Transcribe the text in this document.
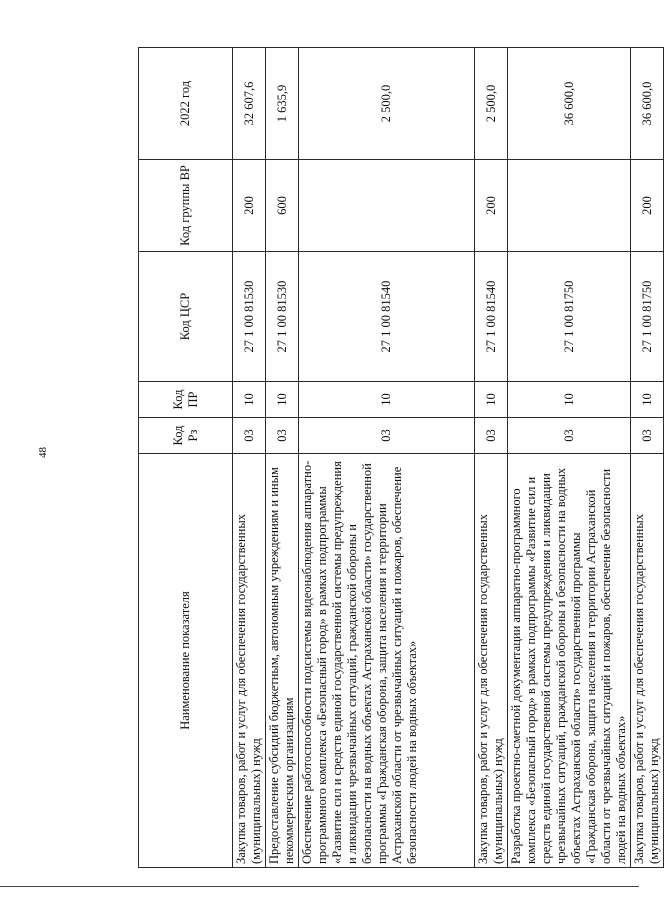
48
Наименование показателя	Код Рз	Код ПР	Код ЦСР	Код группы ВР	2022 год
Закупка товаров, работ и услуг для обеспечения государственных (муниципальных) нужд	03	10	27 1 00 81530	200	32 607,6
Предоставление субсидий бюджетным, автономным учреждениям и иным некоммерческим организациям	03	10	27 1 00 81530	600	1 635,9
Обеспечение работоспособности подсистемы видеонаблюдения аппаратно-программного комплекса «Безопасный город» в рамках подпрограммы «Развитие сил и средств единой государственной системы предупреждения и ликвидации чрезвычайных ситуаций, гражданской обороны и безопасности на водных объектах Астраханской области» государственной программы «Гражданская оборона, защита населения и территории Астраханской области от чрезвычайных ситуаций и пожаров, обеспечение безопасности людей на водных объектах»	03	10	27 1 00 81540		2 500,0
Закупка товаров, работ и услуг для обеспечения государственных (муниципальных) нужд	03	10	27 1 00 81540	200	2 500,0
Разработка проектно-сметной документации аппаратно-программного комплекса «Безопасный город» в рамках подпрограммы «Развитие сил и средств единой государственной системы предупреждения и ликвидации чрезвычайных ситуаций, гражданской обороны и безопасности на водных объектах Астраханской области» государственной программы «Гражданская оборона, защита населения и территории Астраханской области от чрезвычайных ситуаций и пожаров, обеспечение безопасности людей на водных объектах»	03	10	27 1 00 81750		36 600,0
Закупка товаров, работ и услуг для обеспечения государственных (муниципальных) нужд	03	10	27 1 00 81750	200	36 600,0
